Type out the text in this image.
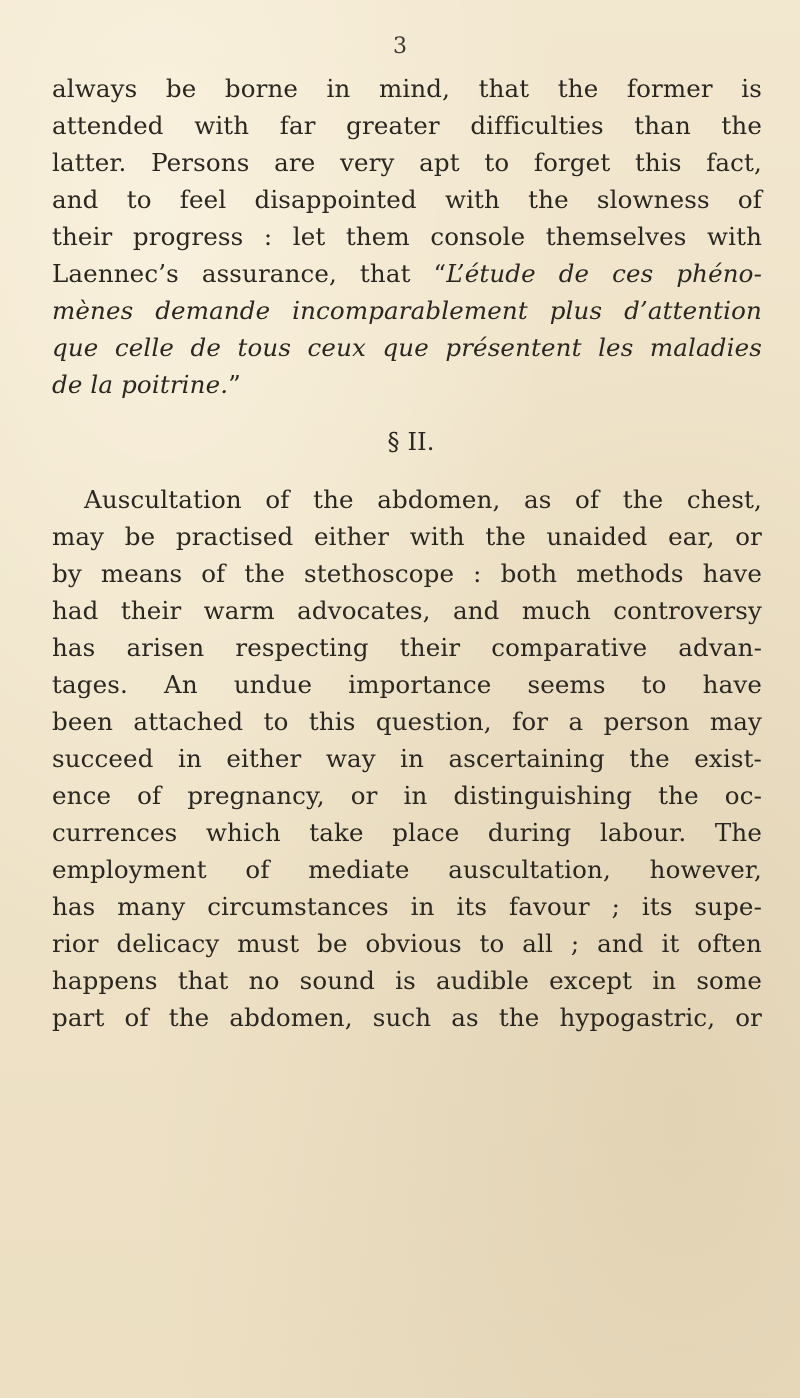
3
always be borne in mind, that the former is
attended with far greater difficulties than the
latter. Persons are very apt to forget this fact,
and to feel disappointed with the slowness of
their progress : let them console themselves with
Laennec’s assurance, that “L’étude de ces phéno-
mènes demande incomparablement plus d’attention
que celle de tous ceux que présentent les maladies
de la poitrine.”
§ II.
Auscultation of the abdomen, as of the chest,
may be practised either with the unaided ear, or
by means of the stethoscope : both methods have
had their warm advocates, and much controversy
has arisen respecting their comparative advan-
tages. An undue importance seems to have
been attached to this question, for a person may
succeed in either way in ascertaining the exist-
ence of pregnancy, or in distinguishing the oc-
currences which take place during labour. The
employment of mediate auscultation, however,
has many circumstances in its favour ; its supe-
rior delicacy must be obvious to all ; and it often
happens that no sound is audible except in some
part of the abdomen, such as the hypogastric, or
